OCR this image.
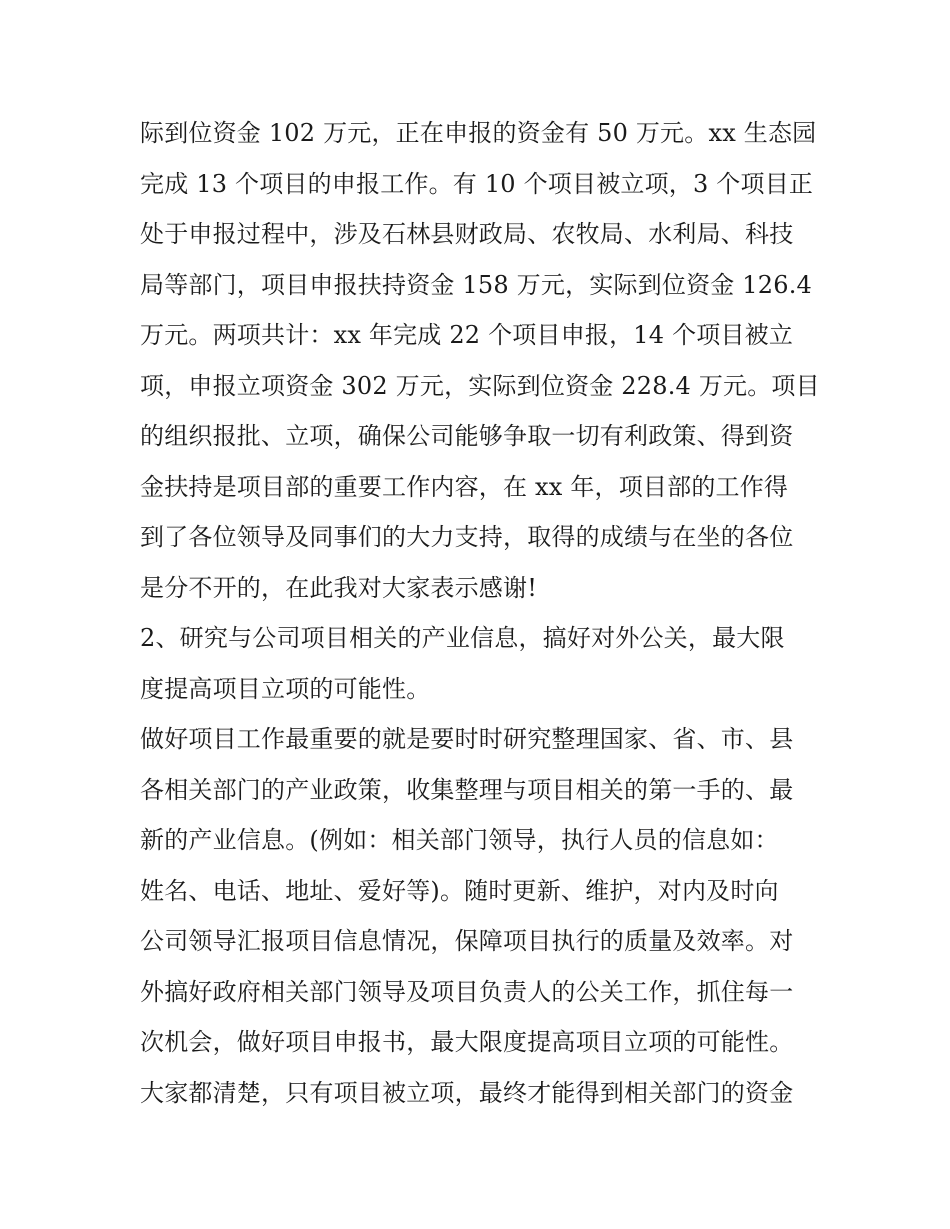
际到位资金 102 万元，正在申报的资金有 50 万元。xx 生态园
完成 13 个项目的申报工作。有 10 个项目被立项，3 个项目正
处于申报过程中，涉及石林县财政局、农牧局、水利局、科技
局等部门，项目申报扶持资金 158 万元，实际到位资金 126.4
万元。两项共计：xx 年完成 22 个项目申报，14 个项目被立
项，申报立项资金 302 万元，实际到位资金 228.4 万元。项目
的组织报批、立项，确保公司能够争取一切有利政策、得到资
金扶持是项目部的重要工作内容，在 xx 年，项目部的工作得
到了各位领导及同事们的大力支持，取得的成绩与在坐的各位
是分不开的，在此我对大家表示感谢!
2、研究与公司项目相关的产业信息，搞好对外公关，最大限
度提高项目立项的可能性。
做好项目工作最重要的就是要时时研究整理国家、省、市、县
各相关部门的产业政策，收集整理与项目相关的第一手的、最
新的产业信息。(例如：相关部门领导，执行人员的信息如：
姓名、电话、地址、爱好等)。随时更新、维护，对内及时向
公司领导汇报项目信息情况，保障项目执行的质量及效率。对
外搞好政府相关部门领导及项目负责人的公关工作，抓住每一
次机会，做好项目申报书，最大限度提高项目立项的可能性。
大家都清楚，只有项目被立项，最终才能得到相关部门的资金
